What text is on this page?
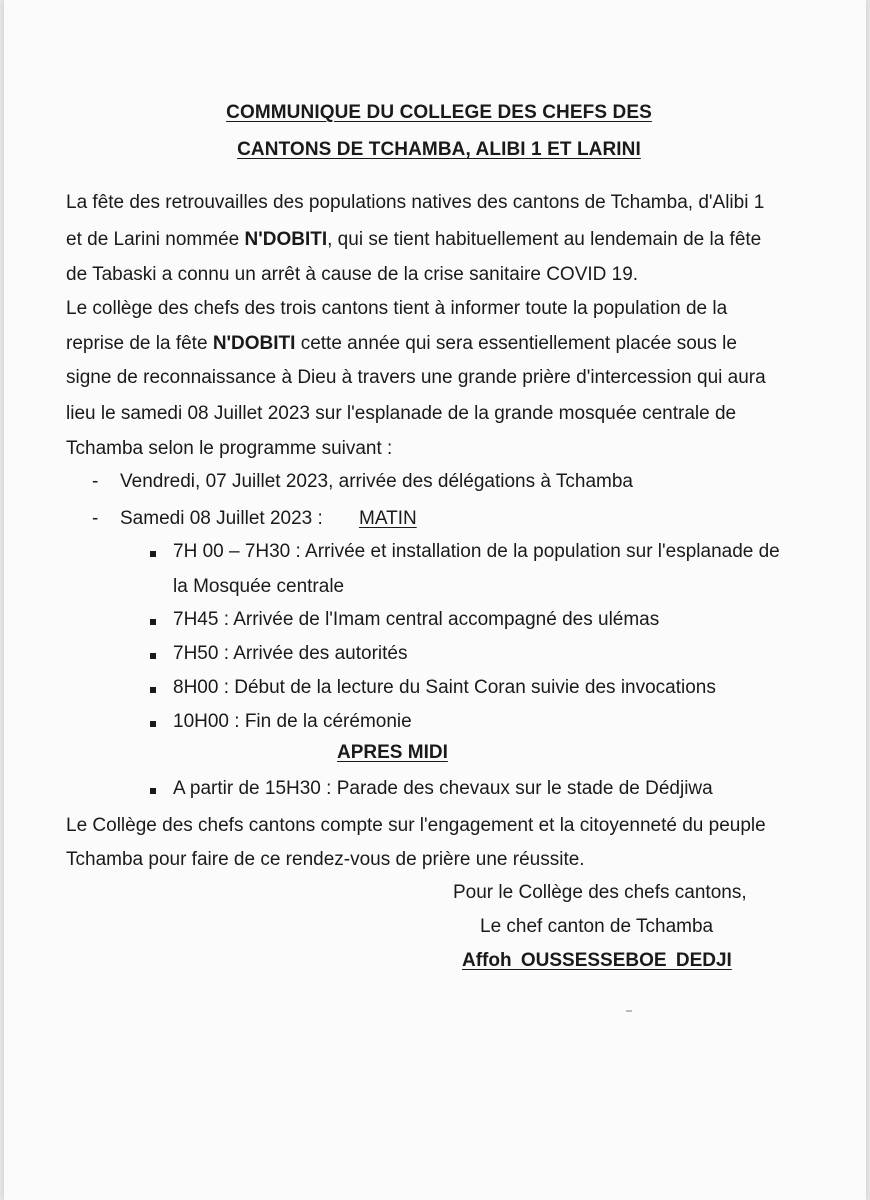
COMMUNIQUE DU COLLEGE DES CHEFS DES
CANTONS DE TCHAMBA, ALIBI 1 ET LARINI
La fête des retrouvailles des populations natives des cantons de Tchamba, d'Alibi 1
et de Larini nommée N'DOBITI, qui se tient habituellement au lendemain de la fête
de Tabaski a connu un arrêt à cause de la crise sanitaire COVID 19.
Le collège des chefs des trois cantons tient à informer toute la population de la
reprise de la fête N'DOBITI cette année qui sera essentiellement placée sous le
signe de reconnaissance à Dieu à travers une grande prière d'intercession qui aura
lieu le samedi 08 Juillet 2023 sur l'esplanade de la grande mosquée centrale de
Tchamba selon le programme suivant :
- Vendredi, 07 Juillet 2023, arrivée des délégations à Tchamba
- Samedi 08 Juillet 2023 : MATIN
7H 00 – 7H30 : Arrivée et installation de la population sur l'esplanade de
la Mosquée centrale
7H45 : Arrivée de l'Imam central accompagné des ulémas
7H50 : Arrivée des autorités
8H00 : Début de la lecture du Saint Coran suivie des invocations
10H00 : Fin de la cérémonie
APRES MIDI
A partir de 15H30 : Parade des chevaux sur le stade de Dédjiwa
Le Collège des chefs cantons compte sur l'engagement et la citoyenneté du peuple
Tchamba pour faire de ce rendez-vous de prière une réussite.
Pour le Collège des chefs cantons,
Le chef canton de Tchamba
Affoh OUSSESSEBOE DEDJI
